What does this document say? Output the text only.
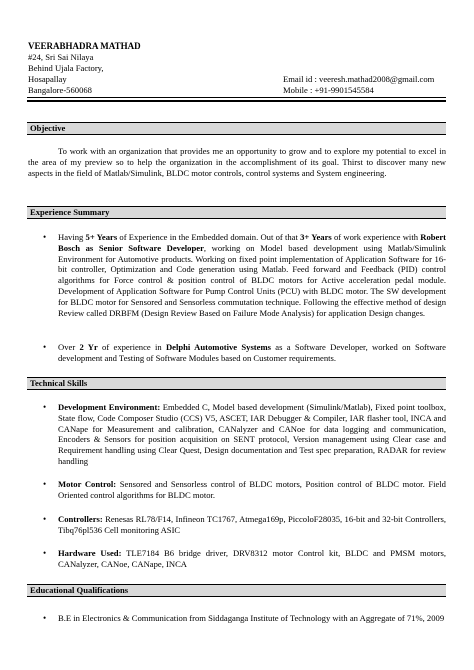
VEERABHADRA MATHAD
#24, Sri Sai Nilaya
Behind Ujala Factory,
Hosapallay
Bangalore-560068
Email id : veeresh.mathad2008@gmail.com
Mobile : +91-9901545584
Objective
To work with an organization that provides me an opportunity to grow and to explore my potential to excel in the area of my preview so to help the organization in the accomplishment of its goal. Thirst to discover many new aspects in the field of Matlab/Simulink, BLDC motor controls, control systems and System engineering.
Experience Summary
• Having 5+ Years of Experience in the Embedded domain. Out of that 3+ Years of work experience with Robert Bosch as Senior Software Developer, working on Model based development using Matlab/Simulink Environment for Automotive products. Working on fixed point implementation of Application Software for 16-bit controller, Optimization and Code generation using Matlab. Feed forward and Feedback (PID) control algorithms for Force control & position control of BLDC motors for Active acceleration pedal module. Development of Application Software for Pump Control Units (PCU) with BLDC motor. The SW development for BLDC motor for Sensored and Sensorless commutation technique. Following the effective method of design Review called DRBFM (Design Review Based on Failure Mode Analysis) for application Design changes.
• Over 2 Yr of experience in Delphi Automotive Systems as a Software Developer, worked on Software development and Testing of Software Modules based on Customer requirements.
Technical Skills
• Development Environment: Embedded C, Model based development (Simulink/Matlab), Fixed point toolbox, State flow, Code Composer Studio (CCS) V5, ASCET, IAR Debugger & Compiler, IAR flasher tool, INCA and CANape for Measurement and calibration, CANalyzer and CANoe for data logging and communication, Encoders & Sensors for position acquisition on SENT protocol, Version management using Clear case and Requirement handling using Clear Quest, Design documentation and Test spec preparation, RADAR for review handling
• Motor Control: Sensored and Sensorless control of BLDC motors, Position control of BLDC motor. Field Oriented control algorithms for BLDC motor.
• Controllers: Renesas RL78/F14, Infineon TC1767, Atmega169p, PiccoloF28035, 16-bit and 32-bit Controllers, Tibq76pl536 Cell monitoring ASIC
• Hardware Used: TLE7184 B6 bridge driver, DRV8312 motor Control kit, BLDC and PMSM motors, CANalyzer, CANoe, CANape, INCA
Educational Qualifications
• B.E in Electronics & Communication from Siddaganga Institute of Technology with an Aggregate of 71%, 2009
